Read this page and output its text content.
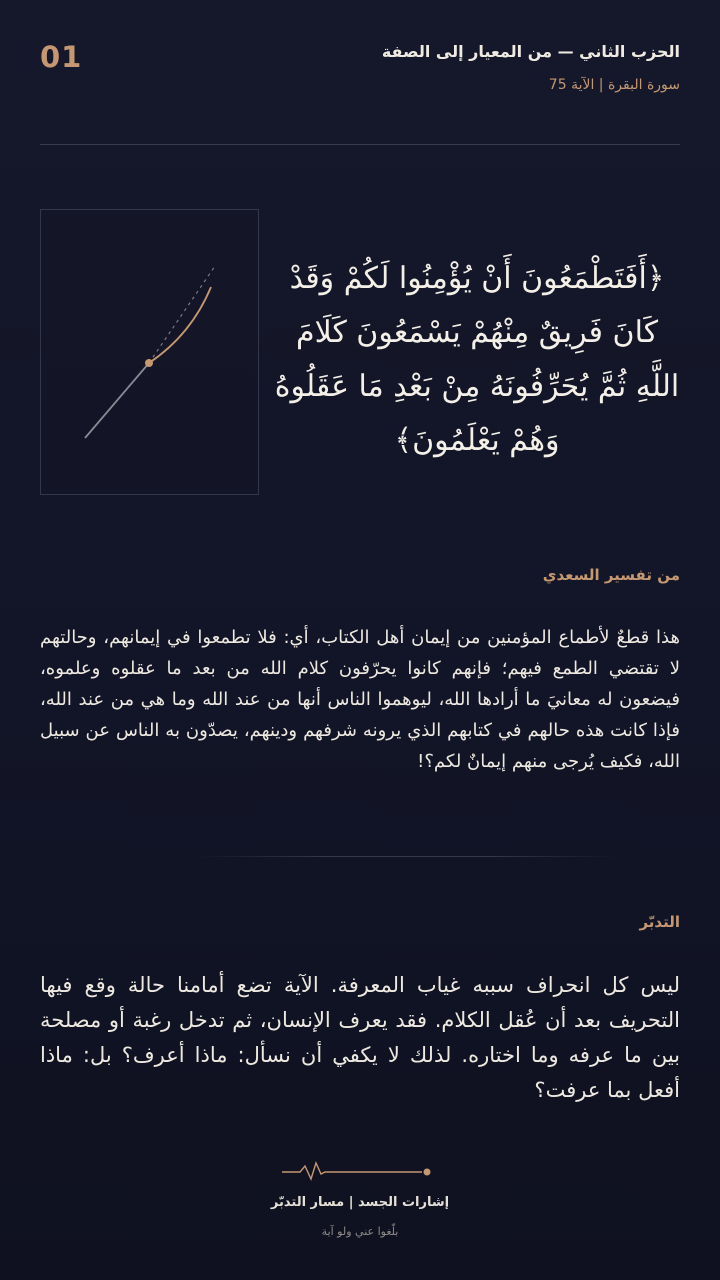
01	الحزب الثاني — من المعيار إلى الصفة
سورة البقرة | الآية 75
﴿أَفَتَطْمَعُونَ أَنْ يُؤْمِنُوا لَكُمْ وَقَدْ كَانَ فَرِيقٌ مِنْهُمْ يَسْمَعُونَ كَلَامَ اللَّهِ ثُمَّ يُحَرِّفُونَهُ مِنْ بَعْدِ مَا عَقَلُوهُ وَهُمْ يَعْلَمُونَ﴾
من تفسير السعدي
هذا قطعٌ لأطماع المؤمنين من إيمان أهل الكتاب، أي: فلا تطمعوا في إيمانهم، وحالتهم لا تقتضي الطمع فيهم؛ فإنهم كانوا يحرّفون كلام الله من بعد ما عقلوه وعلموه، فيضعون له معانيَ ما أرادها الله، ليوهموا الناس أنها من عند الله وما هي من عند الله، فإذا كانت هذه حالهم في كتابهم الذي يرونه شرفهم ودينهم، يصدّون به الناس عن سبيل الله، فكيف يُرجى منهم إيمانٌ لكم؟!
التدبّر
ليس كل انحراف سببه غياب المعرفة. الآية تضع أمامنا حالة وقع فيها التحريف بعد أن عُقل الكلام. فقد يعرف الإنسان، ثم تدخل رغبة أو مصلحة بين ما عرفه وما اختاره. لذلك لا يكفي أن نسأل: ماذا أعرف؟ بل: ماذا أفعل بما عرفت؟
إشارات الجسد | مسار التدبّر
بلّغوا عني ولو آية
